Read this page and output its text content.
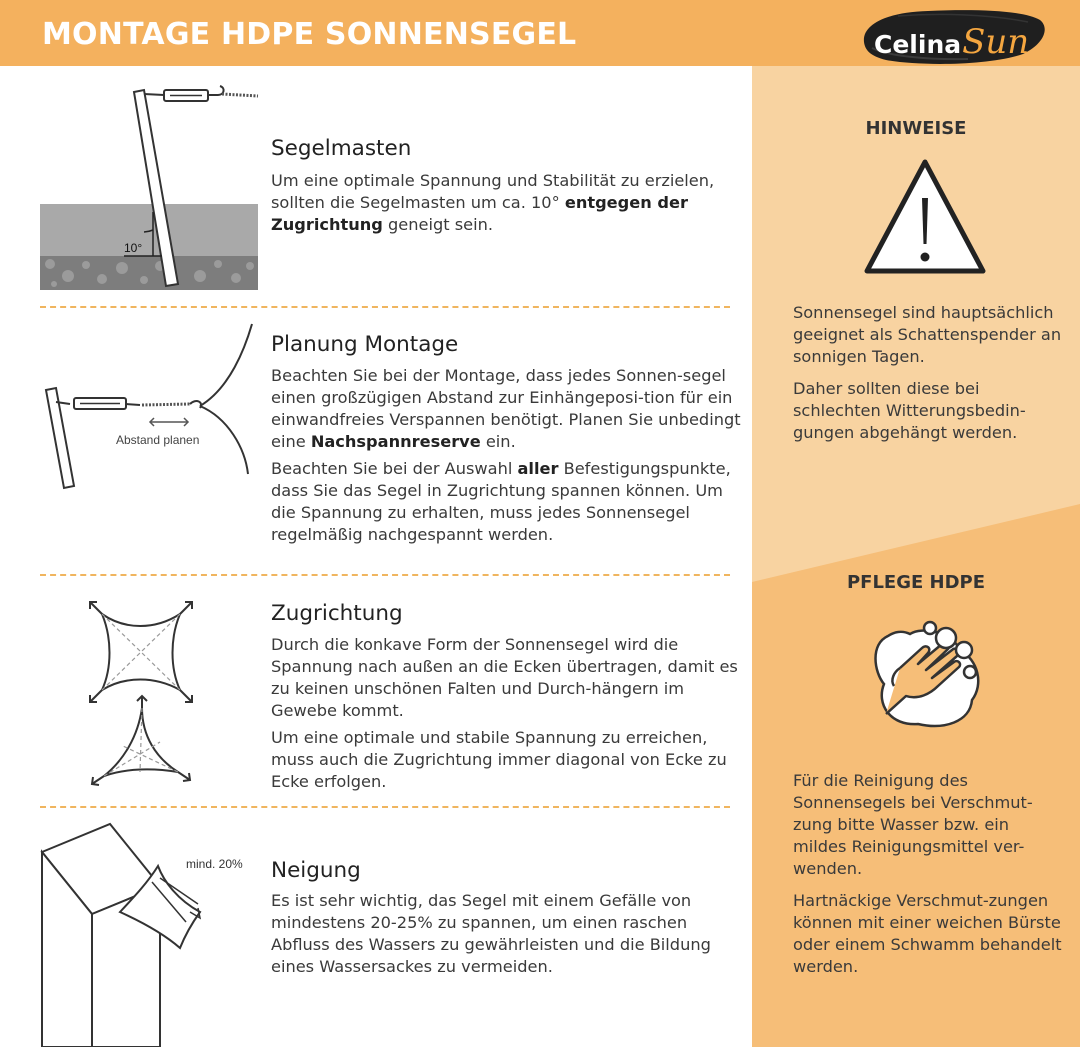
MONTAGE HDPE SONNENSEGEL	CelinaSun
HINWEISE

Sonnensegel sind hauptsächlich geeignet als Schattenspender an sonnigen Tagen.

Daher sollten diese bei schlechten Witterungsbedin-gungen abgehängt werden.

PFLEGE HDPE

Für die Reinigung des Sonnensegels bei Verschmut-zung bitte Wasser bzw. ein mildes Reinigungsmittel ver-wenden.

Hartnäckige Verschmut-zungen können mit einer weichen Bürste oder einem Schwamm behandelt werden.

10°
Segelmasten

Um eine optimale Spannung und Stabilität zu erzielen, sollten die Segelmasten um ca. 10° entgegen der Zugrichtung geneigt sein.

Abstand planen
Planung Montage

Beachten Sie bei der Montage, dass jedes Sonnen-segel einen großzügigen Abstand zur Einhängeposi-tion für ein einwandfreies Verspannen benötigt. Planen Sie unbedingt eine Nachspannreserve ein.

Beachten Sie bei der Auswahl aller Befestigungspunkte, dass Sie das Segel in Zugrichtung spannen können. Um die Spannung zu erhalten, muss jedes Sonnensegel regelmäßig nachgespannt werden.

Zugrichtung

Durch die konkave Form der Sonnensegel wird die Spannung nach außen an die Ecken übertragen, damit es zu keinen unschönen Falten und Durch-hängern im Gewebe kommt.

Um eine optimale und stabile Spannung zu erreichen, muss auch die Zugrichtung immer diagonal von Ecke zu Ecke erfolgen.

mind. 20% Neigung

Es ist sehr wichtig, das Segel mit einem Gefälle von mindestens 20-25% zu spannen, um einen raschen Abfluss des Wassers zu gewährleisten und die Bildung eines Wassersackes zu vermeiden.
